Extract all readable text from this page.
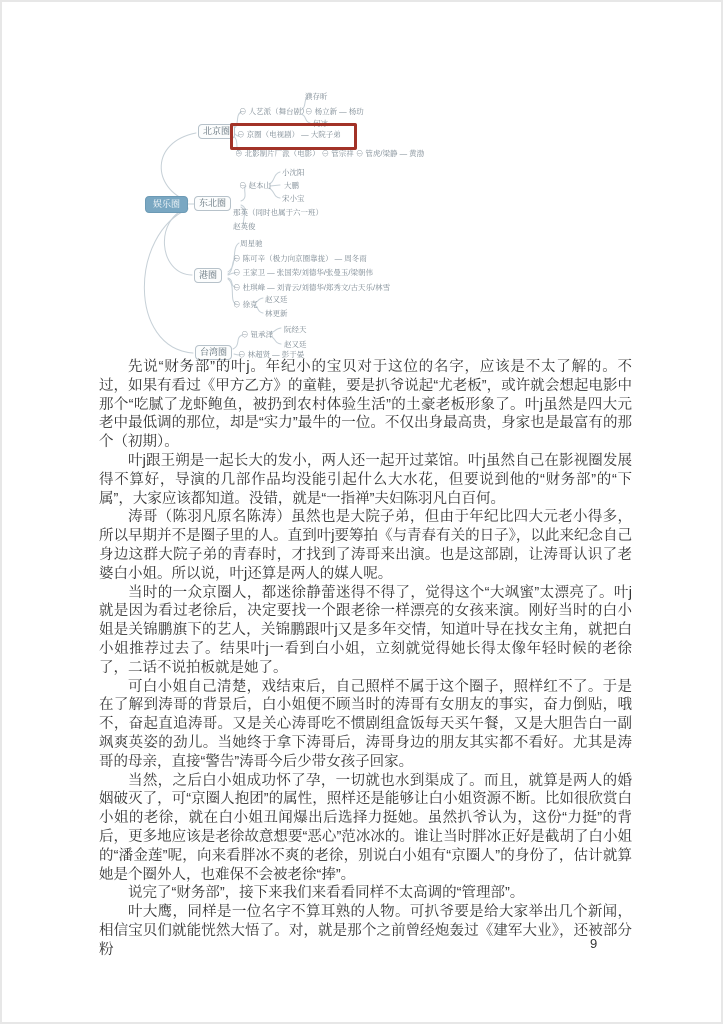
娱乐圈
北京圈
东北圈
港圈
台湾圈
⊖ 人艺派（舞台剧）
濮存昕
⊖ 杨立新 — 杨玏
何冰
⊖ 京圈（电视剧） — 大院子弟
⊖ 北影制片厂派（电影） ⊖ 管宗祥 ⊖ 管虎/梁静 — 黄渤
⊖ 赵本山
小沈阳
大鹏
宋小宝
那英（同时也属于六一班）
赵英俊
周星驰
⊖ 陈可辛（极力向京圈靠拢） — 周冬雨
⊖ 王家卫 — 张国荣/刘德华/张曼玉/梁朝伟
⊖ 杜琪峰 — 刘青云/刘德华/郑秀文/古天乐/林雪
⊖ 徐克
赵又廷
林更新
⊖ 钮承泽
阮经天
赵又廷
⊖ 林超贤 — 彭于晏

先说“财务部”的叶j。年纪小的宝贝对于这位的名字，应该是不太了解的。不过，如果有看过《甲方乙方》的童鞋，要是扒爷说起“尤老板”，或许就会想起电影中那个“吃腻了龙虾鲍鱼，被扔到农村体验生活”的土豪老板形象了。叶j虽然是四大元老中最低调的那位，却是“实力”最牛的一位。不仅出身最高贵，身家也是最富有的那个（初期）。

叶j跟王朔是一起长大的发小，两人还一起开过菜馆。叶j虽然自己在影视圈发展得不算好，导演的几部作品均没能引起什么大水花，但要说到他的“财务部”的“下属”，大家应该都知道。没错，就是“一指禅”夫妇陈羽凡白百何。

涛哥（陈羽凡原名陈涛）虽然也是大院子弟，但由于年纪比四大元老小得多，所以早期并不是圈子里的人。直到叶j要筹拍《与青春有关的日子》，以此来纪念自己身边这群大院子弟的青春时，才找到了涛哥来出演。也是这部剧，让涛哥认识了老婆白小姐。所以说，叶j还算是两人的媒人呢。

当时的一众京圈人，都迷徐静蕾迷得不得了，觉得这个“大飒蜜”太漂亮了。叶j就是因为看过老徐后，决定要找一个跟老徐一样漂亮的女孩来演。刚好当时的白小姐是关锦鹏旗下的艺人，关锦鹏跟叶j又是多年交情，知道叶导在找女主角，就把白小姐推荐过去了。结果叶j一看到白小姐，立刻就觉得她长得太像年轻时候的老徐了，二话不说拍板就是她了。

可白小姐自己清楚，戏结束后，自己照样不属于这个圈子，照样红不了。于是在了解到涛哥的背景后，白小姐便不顾当时的涛哥有女朋友的事实，奋力倒贴，哦不，奋起直追涛哥。又是关心涛哥吃不惯剧组盒饭每天买午餐，又是大胆告白一副飒爽英姿的劲儿。当她终于拿下涛哥后，涛哥身边的朋友其实都不看好。尤其是涛哥的母亲，直接“警告”涛哥今后少带女孩子回家。

当然，之后白小姐成功怀了孕，一切就也水到渠成了。而且，就算是两人的婚姻破灭了，可“京圈人抱团”的属性，照样还是能够让白小姐资源不断。比如很欣赏白小姐的老徐，就在白小姐丑闻爆出后选择力挺她。虽然扒爷认为，这份“力挺”的背后，更多地应该是老徐故意想要“恶心”范冰冰的。谁让当时胖冰正好是截胡了白小姐的“潘金莲”呢，向来看胖冰不爽的老徐，别说白小姐有“京圈人”的身份了，估计就算她是个圈外人，也难保不会被老徐“捧”。

说完了“财务部”，接下来我们来看看同样不太高调的“管理部”。

叶大鹰，同样是一位名字不算耳熟的人物。可扒爷要是给大家举出几个新闻，相信宝贝们就能恍然大悟了。对，就是那个之前曾经炮轰过《建军大业》，还被部分粉	9
